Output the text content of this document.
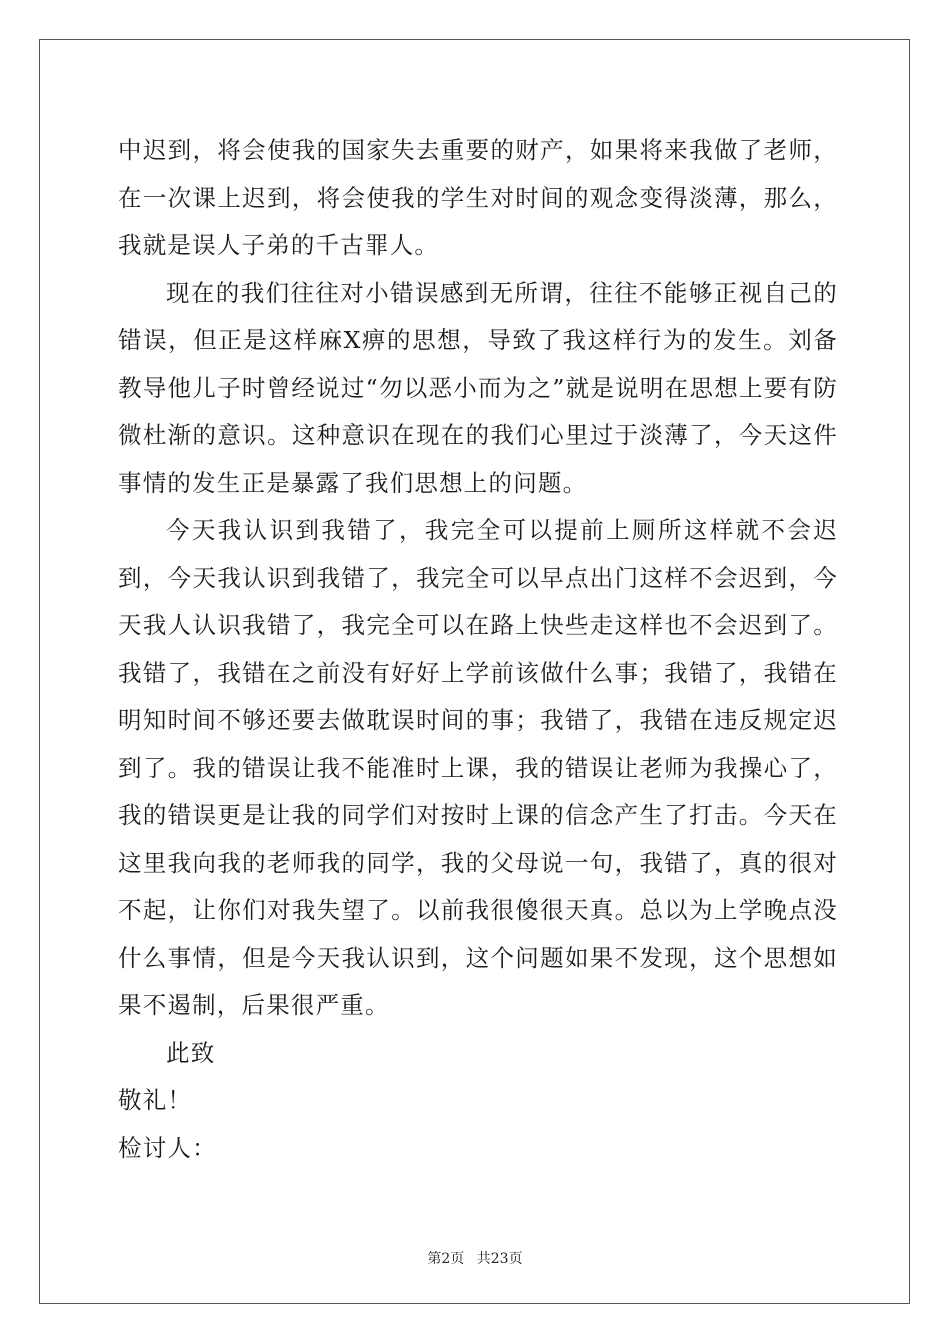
中迟到，将会使我的国家失去重要的财产，如果将来我做了老师，在一次课上迟到，将会使我的学生对时间的观念变得淡薄，那么，我就是误人子弟的千古罪人。

现在的我们往往对小错误感到无所谓，往往不能够正视自己的错误，但正是这样麻X痹的思想，导致了我这样行为的发生。刘备教导他儿子时曾经说过“勿以恶小而为之”就是说明在思想上要有防微杜渐的意识。这种意识在现在的我们心里过于淡薄了，今天这件事情的发生正是暴露了我们思想上的问题。

今天我认识到我错了，我完全可以提前上厕所这样就不会迟到，今天我认识到我错了，我完全可以早点出门这样不会迟到，今天我人认识我错了，我完全可以在路上快些走这样也不会迟到了。我错了，我错在之前没有好好上学前该做什么事；我错了，我错在明知时间不够还要去做耽误时间的事；我错了，我错在违反规定迟到了。我的错误让我不能准时上课，我的错误让老师为我操心了，我的错误更是让我的同学们对按时上课的信念产生了打击。今天在这里我向我的老师我的同学，我的父母说一句，我错了，真的很对不起，让你们对我失望了。以前我很傻很天真。总以为上学晚点没什么事情，但是今天我认识到，这个问题如果不发现，这个思想如果不遏制，后果很严重。

此致

敬礼！

检讨人：

第2页 共23页
